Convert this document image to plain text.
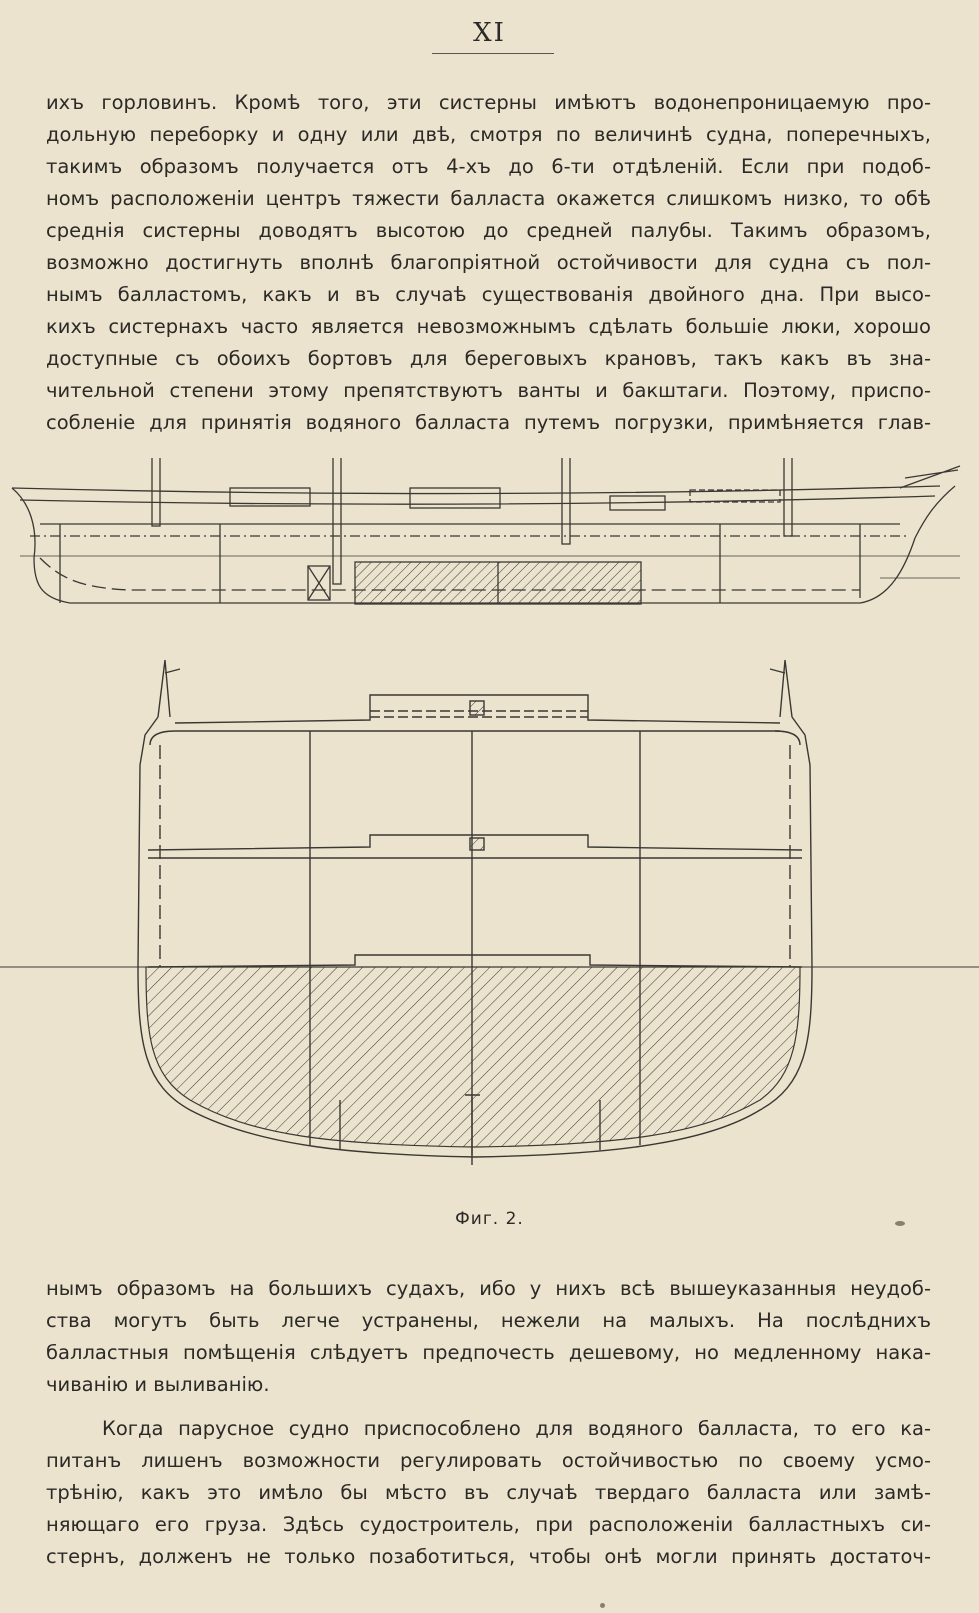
XI

ихъ горловинъ. Кромѣ того, эти систерны имѣютъ водонепроницаемую про-

дольную переборку и одну или двѣ, смотря по величинѣ судна, поперечныхъ,

такимъ образомъ получается отъ 4-хъ до 6-ти отдѣленій. Если при подоб-

номъ расположеніи центръ тяжести балласта окажется слишкомъ низко, то обѣ

среднія систерны доводятъ высотою до средней палубы. Такимъ образомъ,

возможно достигнуть вполнѣ благопріятной остойчивости для судна съ пол-

нымъ балластомъ, какъ и въ случаѣ существованія двойного дна. При высо-

кихъ систернахъ часто является невозможнымъ сдѣлать большіе люки, хорошо

доступные съ обоихъ бортовъ для береговыхъ крановъ, такъ какъ въ зна-

чительной степени этому препятствуютъ ванты и бакштаги. Поэтому, приспо-

собленіе для принятія водяного балласта путемъ погрузки, примѣняется глав-

Фиг. 2.

нымъ образомъ на большихъ судахъ, ибо у нихъ всѣ вышеуказанныя неудоб-

ства могутъ быть легче устранены, нежели на малыхъ. На послѣднихъ

балластныя помѣщенія слѣдуетъ предпочесть дешевому, но медленному нака-

чиванію и выливанію.

Когда парусное судно приспособлено для водяного балласта, то его ка-

питанъ лишенъ возможности регулировать остойчивостью по своему усмо-

трѣнію, какъ это имѣло бы мѣсто въ случаѣ твердаго балласта или замѣ-

няющаго его груза. Здѣсь судостроитель, при расположеніи балластныхъ си-

стернъ, долженъ не только позаботиться, чтобы онѣ могли принять достаточ-
